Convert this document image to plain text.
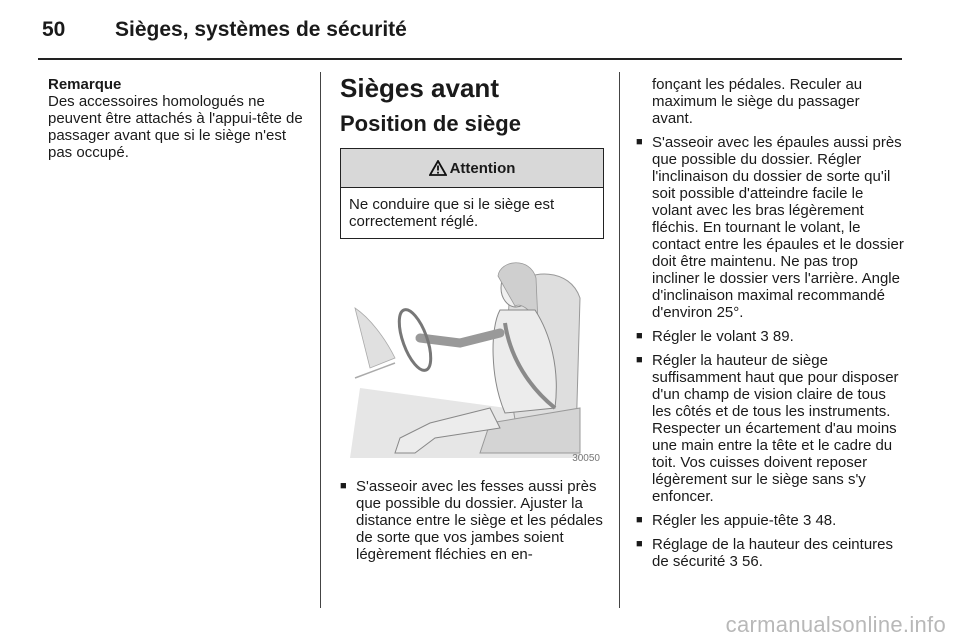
50 Sièges, systèmes de sécurité
Remarque
Des accessoires homologués ne peuvent être attachés à l'appui-tête de passager avant que si le siège n'est pas occupé.
Sièges avant
Position de siège
Attention
Ne conduire que si le siège est correctement réglé.
30050
■ S'asseoir avec les fesses aussi près que possible du dossier. Ajuster la distance entre le siège et les pédales de sorte que vos jambes soient légèrement fléchies en en-
fonçant les pédales. Reculer au maximum le siège du passager avant.
■ S'asseoir avec les épaules aussi près que possible du dossier. Régler l'inclinaison du dossier de sorte qu'il soit possible d'atteindre facile le volant avec les bras légèrement fléchis. En tournant le volant, le contact entre les épaules et le dossier doit être maintenu. Ne pas trop incliner le dossier vers l'arrière. Angle d'inclinaison maximal recommandé d'environ 25°.
■ Régler le volant 3 89.
■ Régler la hauteur de siège suffisamment haut que pour disposer d'un champ de vision claire de tous les côtés et de tous les instruments. Respecter un écartement d'au moins une main entre la tête et le cadre du toit. Vos cuisses doivent reposer légèrement sur le siège sans s'y enfoncer.
■ Régler les appuie-tête 3 48.
■ Réglage de la hauteur des ceintures de sécurité 3 56.
carmanualsonline.info
